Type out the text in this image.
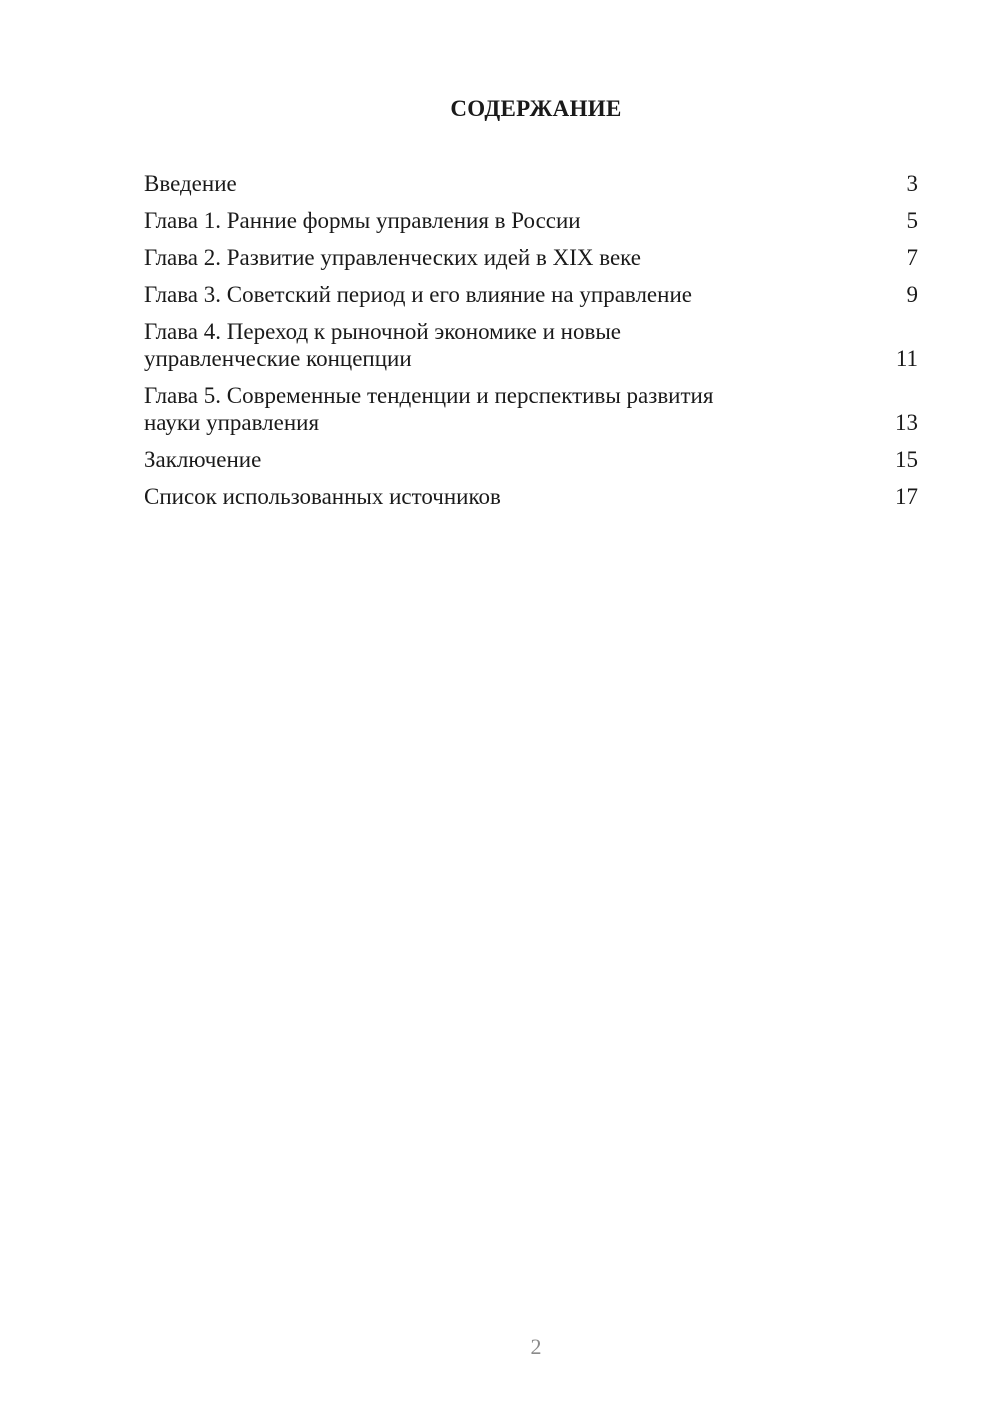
СОДЕРЖАНИЕ
Введение	3
Глава 1. Ранние формы управления в России	5
Глава 2. Развитие управленческих идей в XIX веке	7
Глава 3. Советский период и его влияние на управление	9
Глава 4. Переход к рыночной экономике и новые
управленческие концепции	11
Глава 5. Современные тенденции и перспективы развития
науки управления	13
Заключение	15
Список использованных источников	17
2
